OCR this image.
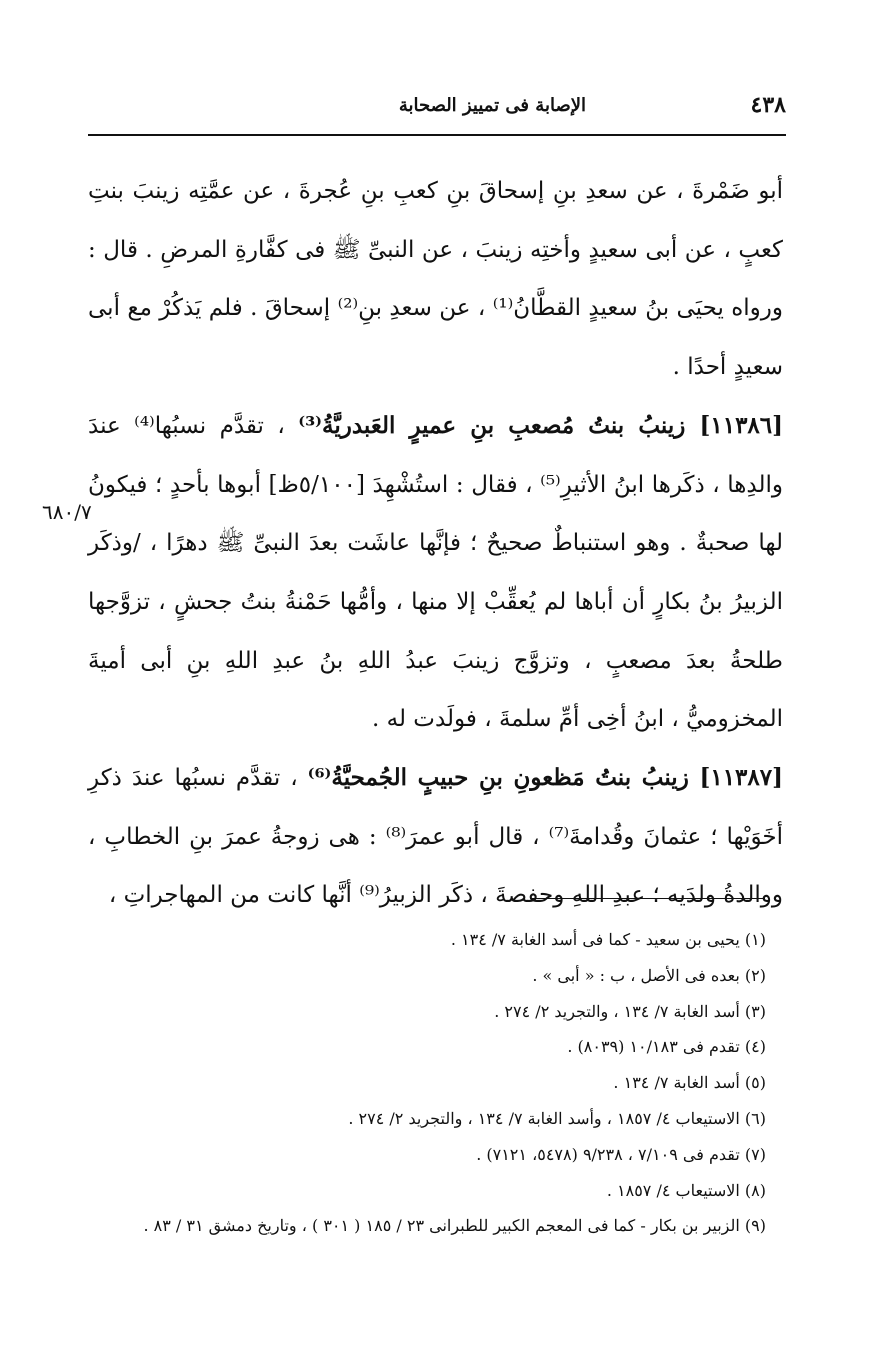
٤٣٨
الإصابة فى تمييز الصحابة
٦٨٠/٧

أبو ضَمْرةَ ، عن سعدِ بنِ إسحاقَ بنِ كعبِ بنِ عُجرةَ ، عن عمَّتِه زينبَ بنتِ كعبٍ ، عن أبى سعيدٍ وأختِه زينبَ ، عن النبىِّ ﷺ فى كفَّارةِ المرضِ . قال : ورواه يحيَى بنُ سعيدٍ القطَّانُ⁽¹⁾ ، عن سعدِ بنِ⁽²⁾ إسحاقَ . فلم يَذكُرْ مع أبى سعيدٍ أحدًا .

[١١٣٨٦] زينبُ بنتُ مُصعبِ بنِ عميرٍ العَبدريَّةُ⁽³⁾ ، تقدَّم نسبُها⁽⁴⁾ عندَ والدِها ، ذكَرها ابنُ الأثيرِ⁽⁵⁾ ، فقال : استُشْهِدَ [٥/١٠٠ظ] أبوها بأحدٍ ؛ فيكونُ لها صحبةٌ . وهو استنباطٌ صحيحٌ ؛ فإنَّها عاشَت بعدَ النبىِّ ﷺ دهرًا ، /وذكَر الزبيرُ بنُ بكارٍ أن أباها لم يُعقِّبْ إلا منها ، وأمُّها حَمْنةُ بنتُ جحشٍ ، تزوَّجها طلحةُ بعدَ مصعبٍ ، وتزوَّج زينبَ عبدُ اللهِ بنُ عبدِ اللهِ بنِ أبى أميةَ المخزوميُّ ، ابنُ أخِى أمِّ سلمةَ ، فولَدت له .

[١١٣٨٧] زينبُ بنتُ مَظعونِ بنِ حبيبٍ الجُمحيَّةُ⁽⁶⁾ ، تقدَّم نسبُها عندَ ذكرِ أخَوَيْها ؛ عثمانَ وقُدامةَ⁽⁷⁾ ، قال أبو عمرَ⁽⁸⁾ : هى زوجةُ عمرَ بنِ الخطابِ ، ووالدةُ ولدَيه ؛ عبدِ اللهِ وحفصةَ ، ذكَر الزبيرُ⁽⁹⁾ أنَّها كانت من المهاجراتِ ،

(١) يحيى بن سعيد - كما فى أسد الغابة ٧/ ١٣٤ .
(٢) بعده فى الأصل ، ب : « أبى » .
(٣) أسد الغابة ٧/ ١٣٤ ، والتجريد ٢/ ٢٧٤ .
(٤) تقدم فى ١٠/١٨٣ (٨٠٣٩) .
(٥) أسد الغابة ٧/ ١٣٤ .
(٦) الاستيعاب ٤/ ١٨٥٧ ، وأسد الغابة ٧/ ١٣٤ ، والتجريد ٢/ ٢٧٤ .
(٧) تقدم فى ٧/١٠٩ ، ٩/٢٣٨ (٥٤٧٨، ٧١٢١) .
(٨) الاستيعاب ٤/ ١٨٥٧ .
(٩) الزبير بن بكار - كما فى المعجم الكبير للطبرانى ٢٣ / ١٨٥ ( ٣٠١ ) ، وتاريخ دمشق ٣١ / ٨٣ .
